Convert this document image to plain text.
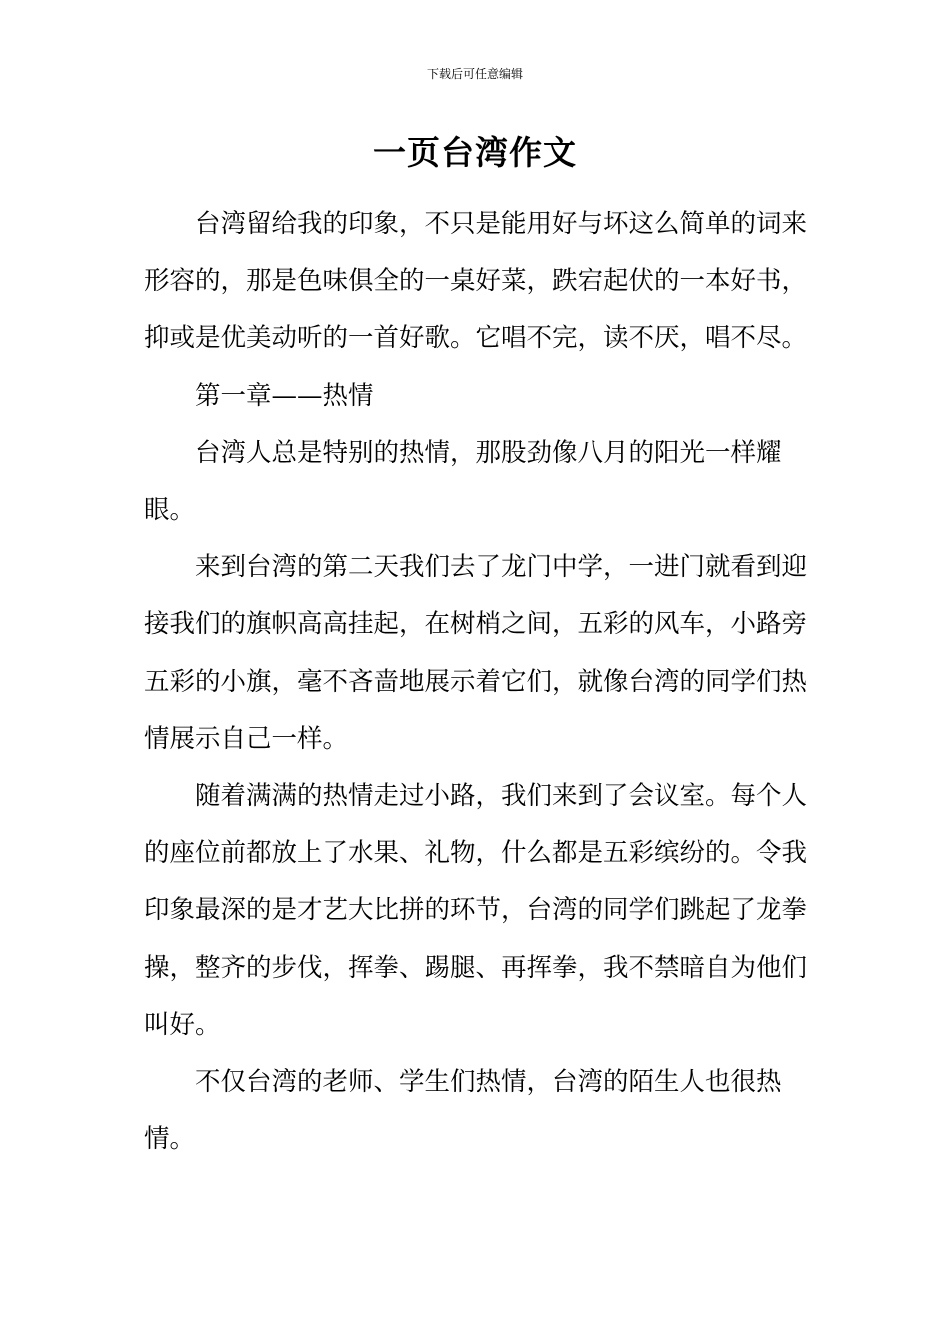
下载后可任意编辑
一页台湾作文

台湾留给我的印象，不只是能用好与坏这么简单的词来形容的，那是色味俱全的一桌好菜，跌宕起伏的一本好书，抑或是优美动听的一首好歌。它唱不完，读不厌，唱不尽。

第一章——热情

台湾人总是特别的热情，那股劲像八月的阳光一样耀眼。

来到台湾的第二天我们去了龙门中学，一进门就看到迎接我们的旗帜高高挂起，在树梢之间，五彩的风车，小路旁五彩的小旗，毫不吝啬地展示着它们，就像台湾的同学们热情展示自己一样。

随着满满的热情走过小路，我们来到了会议室。每个人的座位前都放上了水果、礼物，什么都是五彩缤纷的。令我印象最深的是才艺大比拼的环节，台湾的同学们跳起了龙拳操，整齐的步伐，挥拳、踢腿、再挥拳，我不禁暗自为他们叫好。

不仅台湾的老师、学生们热情，台湾的陌生人也很热情。
